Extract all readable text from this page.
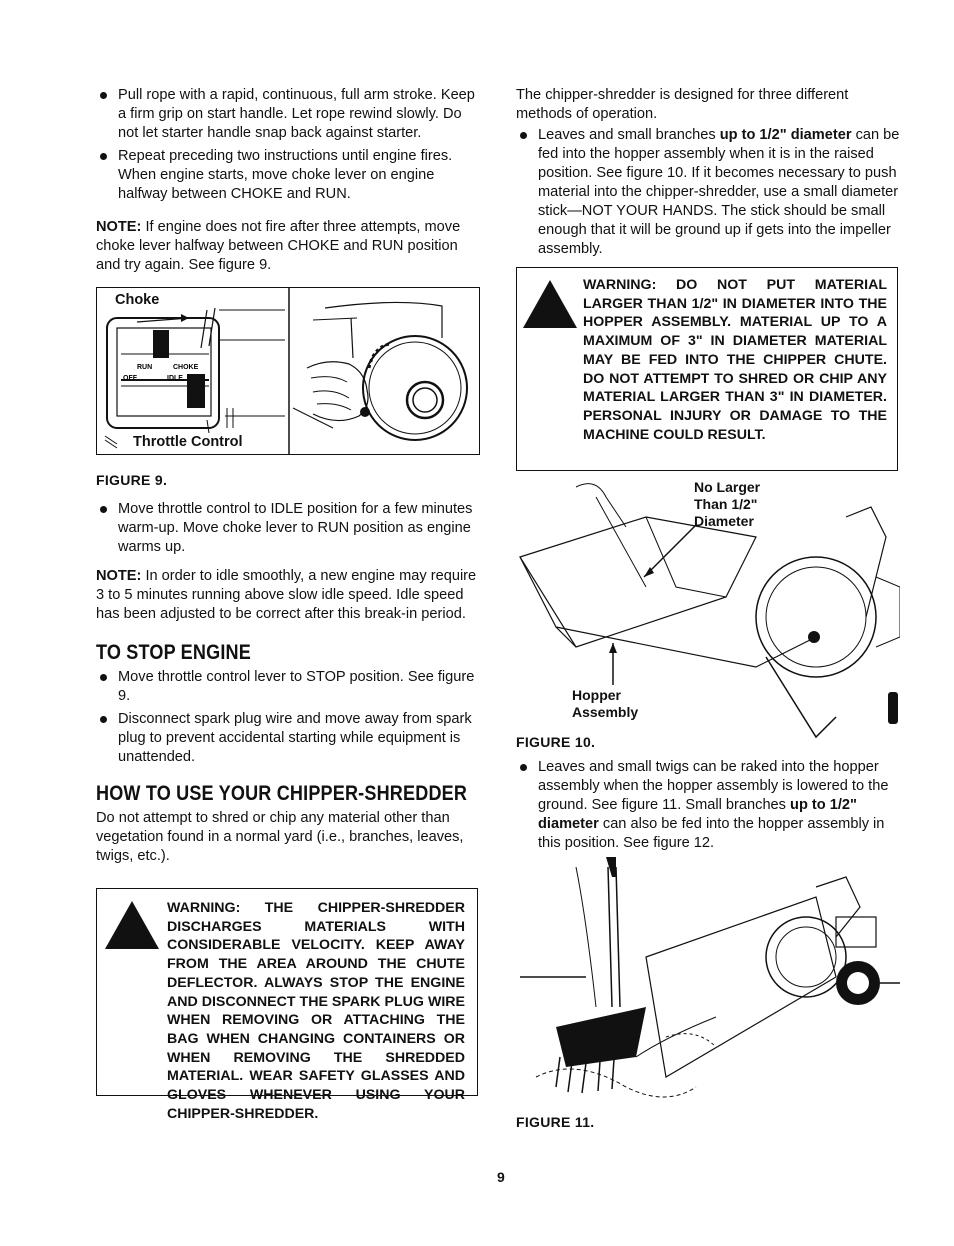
Pull rope with a rapid, continuous, full arm stroke. Keep a firm grip on start handle. Let rope rewind slowly. Do not let starter handle snap back against starter.
Repeat preceding two instructions until engine fires. When engine starts, move choke lever on engine halfway between CHOKE and RUN.

NOTE: If engine does not fire after three attempts, move choke lever halfway between CHOKE and RUN position and try again. See figure 9.

RUN	CHOKE
OFF	IDLE
Choke
Throttle Control

FIGURE 9.

Move throttle control to IDLE position for a few minutes warm-up. Move choke lever to RUN position as engine warms up.

NOTE: In order to idle smoothly, a new engine may require 3 to 5 minutes running above slow idle speed. Idle speed has been adjusted to be correct after this break-in period.

TO STOP ENGINE
Move throttle control lever to STOP position. See figure 9.
Disconnect spark plug wire and move away from spark plug to prevent accidental starting while equipment is unattended.
HOW TO USE YOUR CHIPPER-SHREDDER

Do not attempt to shred or chip any material other than vegetation found in a normal yard (i.e., branches, leaves, twigs, etc.).

WARNING: THE CHIPPER-SHREDDER DISCHARGES MATERIALS WITH CONSIDERABLE VELOCITY. KEEP AWAY FROM THE AREA AROUND THE CHUTE DEFLECTOR. ALWAYS STOP THE ENGINE AND DISCONNECT THE SPARK PLUG WIRE WHEN REMOVING OR ATTACHING THE BAG WHEN CHANGING CONTAINERS OR WHEN REMOVING THE SHREDDED MATERIAL. WEAR SAFETY GLASSES AND GLOVES WHENEVER USING YOUR CHIPPER-SHREDDER.

The chipper-shredder is designed for three different methods of operation.

Leaves and small branches up to 1/2" diameter can be fed into the hopper assembly when it is in the raised position. See figure 10. If it becomes necessary to push material into the chipper-shredder, use a small diameter stick—NOT YOUR HANDS. The stick should be small enough that it will be ground up if gets into the impeller assembly.
WARNING: DO NOT PUT MATERIAL LARGER THAN 1/2" IN DIAMETER INTO THE HOPPER ASSEMBLY. MATERIAL UP TO A MAXIMUM OF 3" IN DIAMETER MATERIAL MAY BE FED INTO THE CHIPPER CHUTE. DO NOT ATTEMPT TO SHRED OR CHIP ANY MATERIAL LARGER THAN 3" IN DIAMETER. PERSONAL INJURY OR DAMAGE TO THE MACHINE COULD RESULT.
No Larger Than 1/2" Diameter
Hopper Assembly

FIGURE 10.

Leaves and small twigs can be raked into the hopper assembly when the hopper assembly is lowered to the ground. See figure 11. Small branches up to 1/2" diameter can also be fed into the hopper assembly in this position. See figure 12.

FIGURE 11.

9
